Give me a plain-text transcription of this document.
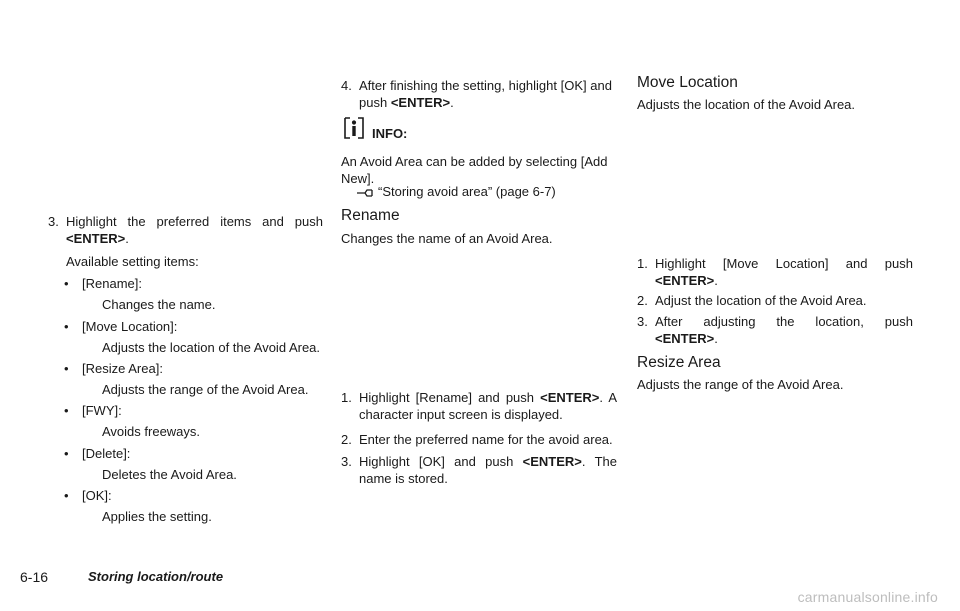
3. Highlight the preferred items and push
<ENTER>.
Available setting items:
• [Rename]:
Changes the name.
• [Move Location]:
Adjusts the location of the Avoid Area.
• [Resize Area]:
Adjusts the range of the Avoid Area.
• [FWY]:
Avoids freeways.
• [Delete]:
Deletes the Avoid Area.
• [OK]:
Applies the setting.
4. After finishing the setting, highlight [OK] and
push <ENTER>.
INFO:
An Avoid Area can be added by selecting [Add
New].
“Storing avoid area” (page 6-7)
Rename
Changes the name of an Avoid Area.
1. Highlight [Rename] and push <ENTER>. A
character input screen is displayed.
2. Enter the preferred name for the avoid area.
3. Highlight [OK] and push <ENTER>. The
name is stored.
Move Location
Adjusts the location of the Avoid Area.
1. Highlight [Move Location] and push
<ENTER>.
2. Adjust the location of the Avoid Area.
3. After adjusting the location, push
<ENTER>.
Resize Area
Adjusts the range of the Avoid Area.
6-16	Storing location/route
carmanualsonline.info
